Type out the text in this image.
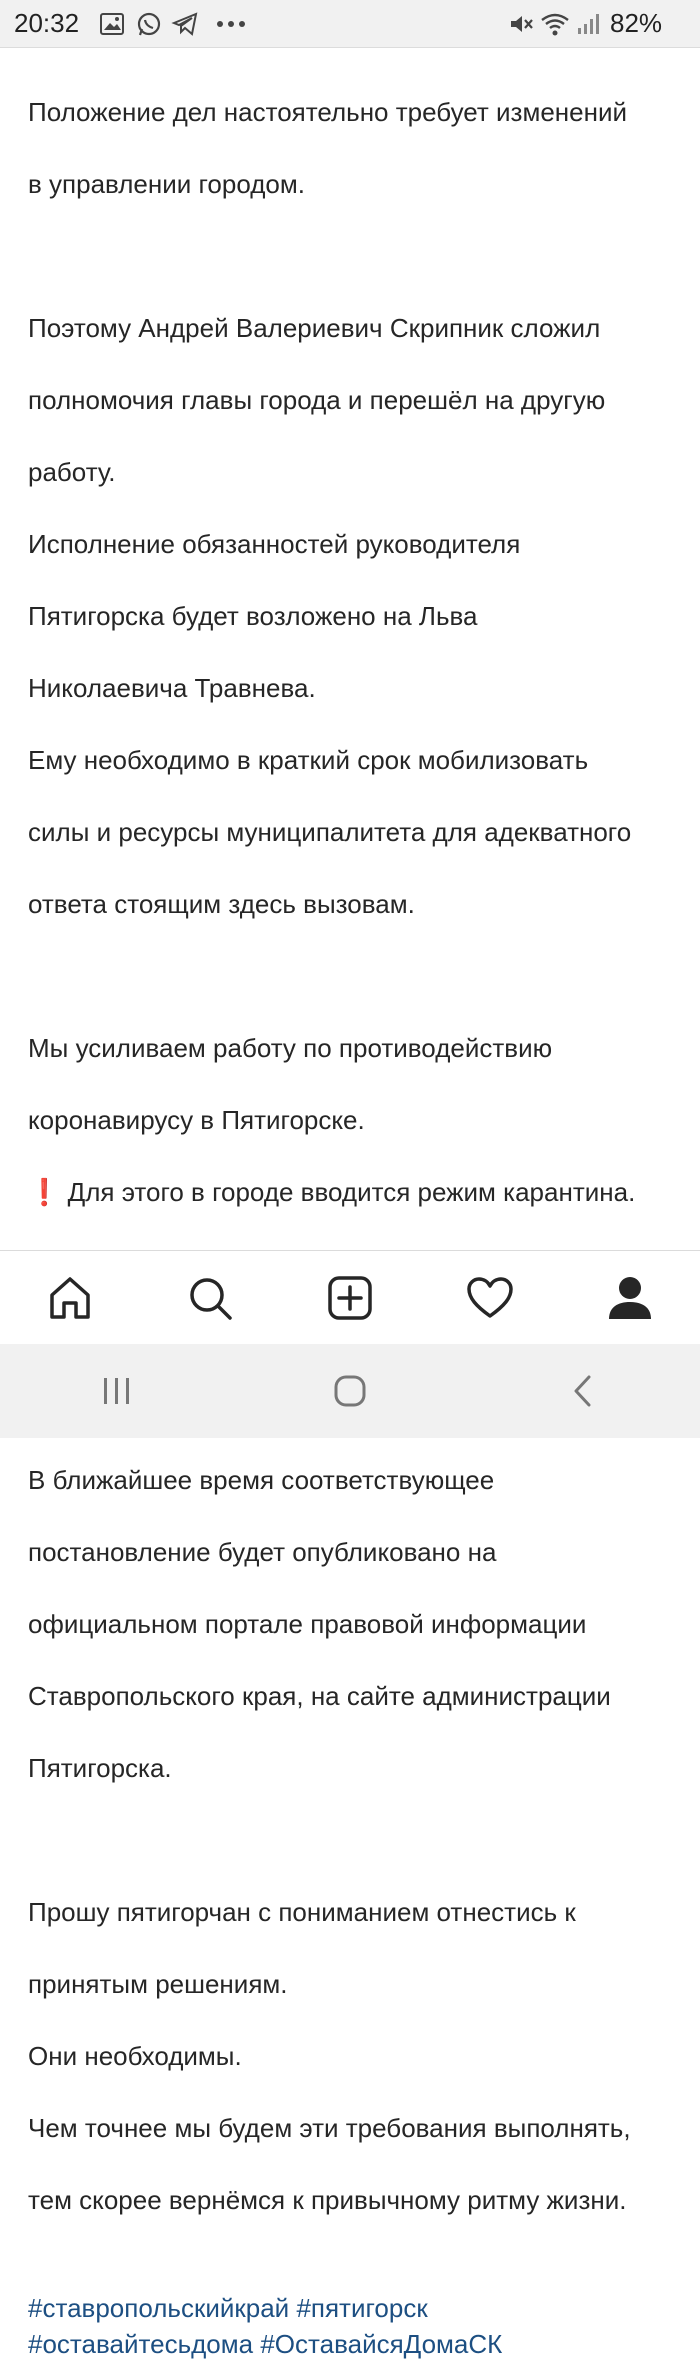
20:32	82%

Положение дел настоятельно требует изменений

в управлении городом.

Поэтому Андрей Валериевич Скрипник сложил

полномочия главы города и перешёл на другую

работу.

Исполнение обязанностей руководителя

Пятигорска будет возложено на Льва

Николаевича Травнева.

Ему необходимо в краткий срок мобилизовать

силы и ресурсы муниципалитета для адекватного

ответа стоящим здесь вызовам.

Мы усиливаем работу по противодействию

коронавирусу в Пятигорске.

❗ Для этого в городе вводится режим карантина.

В ближайшее время соответствующее

постановление будет опубликовано на

официальном портале правовой информации

Ставропольского края, на сайте администрации

Пятигорска.

Прошу пятигорчан с пониманием отнестись к

принятым решениям.

Они необходимы.

Чем точнее мы будем эти требования выполнять,

тем скорее вернёмся к привычному ритму жизни.

#ставропольскийкрай #пятигорск
#оставайтесьдома #ОставайсяДомаСК
